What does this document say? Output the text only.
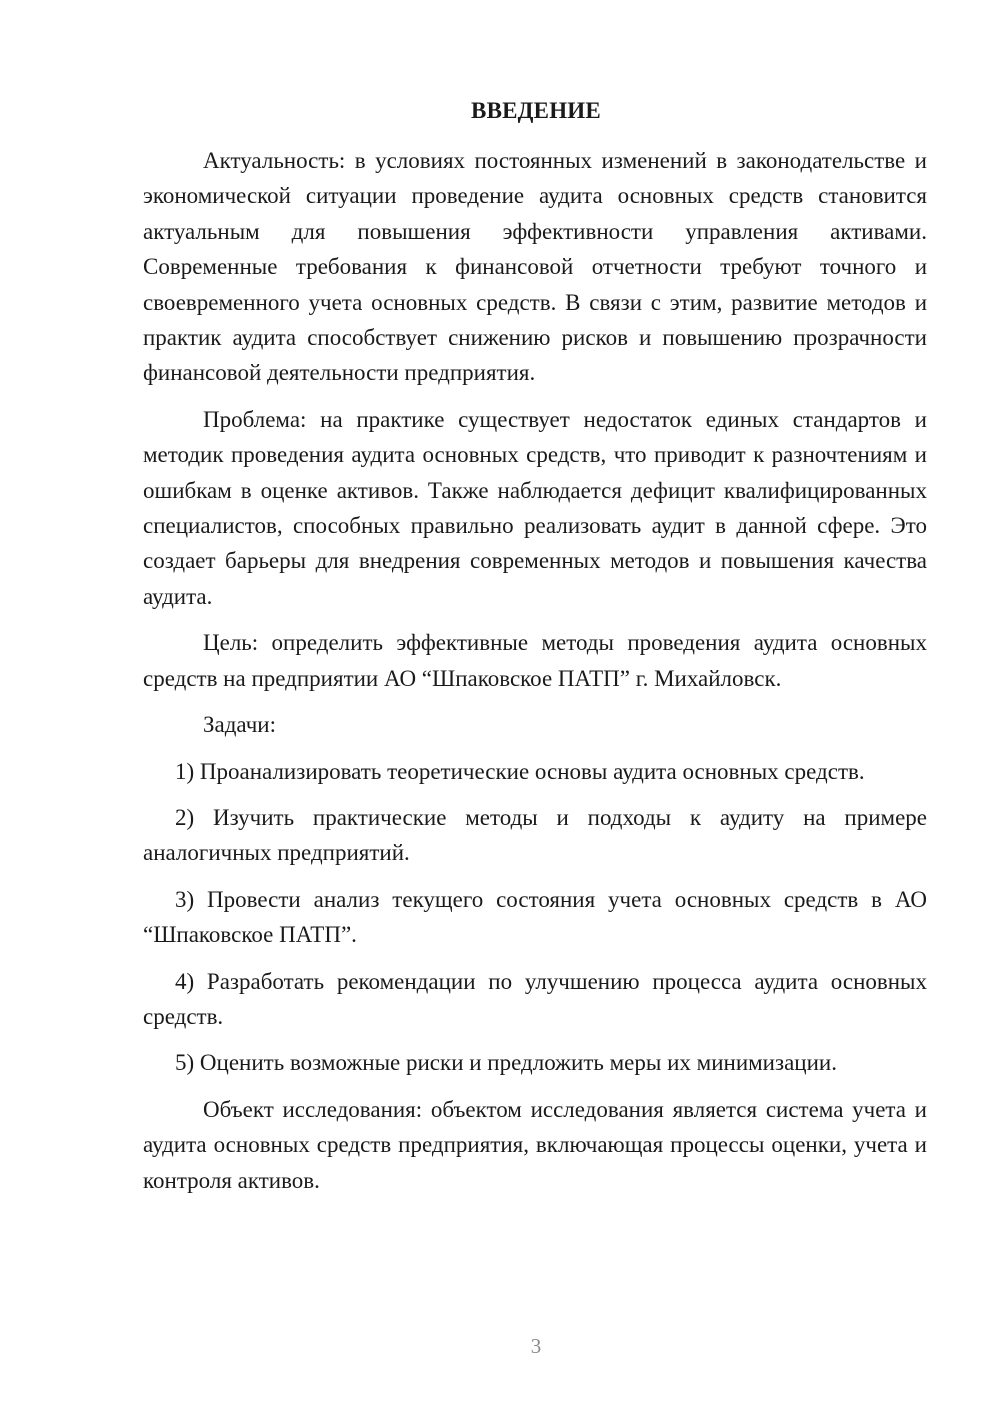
ВВЕДЕНИЕ

Актуальность: в условиях постоянных изменений в законодательстве и экономической ситуации проведение аудита основных средств становится актуальным для повышения эффективности управления активами. Современные требования к финансовой отчетности требуют точного и своевременного учета основных средств. В связи с этим, развитие методов и практик аудита способствует снижению рисков и повышению прозрачности финансовой деятельности предприятия.

Проблема: на практике существует недостаток единых стандартов и методик проведения аудита основных средств, что приводит к разночтениям и ошибкам в оценке активов. Также наблюдается дефицит квалифицированных специалистов, способных правильно реализовать аудит в данной сфере. Это создает барьеры для внедрения современных методов и повышения качества аудита.

Цель: определить эффективные методы проведения аудита основных средств на предприятии АО “Шпаковское ПАТП” г. Михайловск.

Задачи:

1) Проанализировать теоретические основы аудита основных средств.

2) Изучить практические методы и подходы к аудиту на примере аналогичных предприятий.

3) Провести анализ текущего состояния учета основных средств в АО “Шпаковское ПАТП”.

4) Разработать рекомендации по улучшению процесса аудита основных средств.

5) Оценить возможные риски и предложить меры их минимизации.

Объект исследования: объектом исследования является система учета и аудита основных средств предприятия, включающая процессы оценки, учета и контроля активов.

3
